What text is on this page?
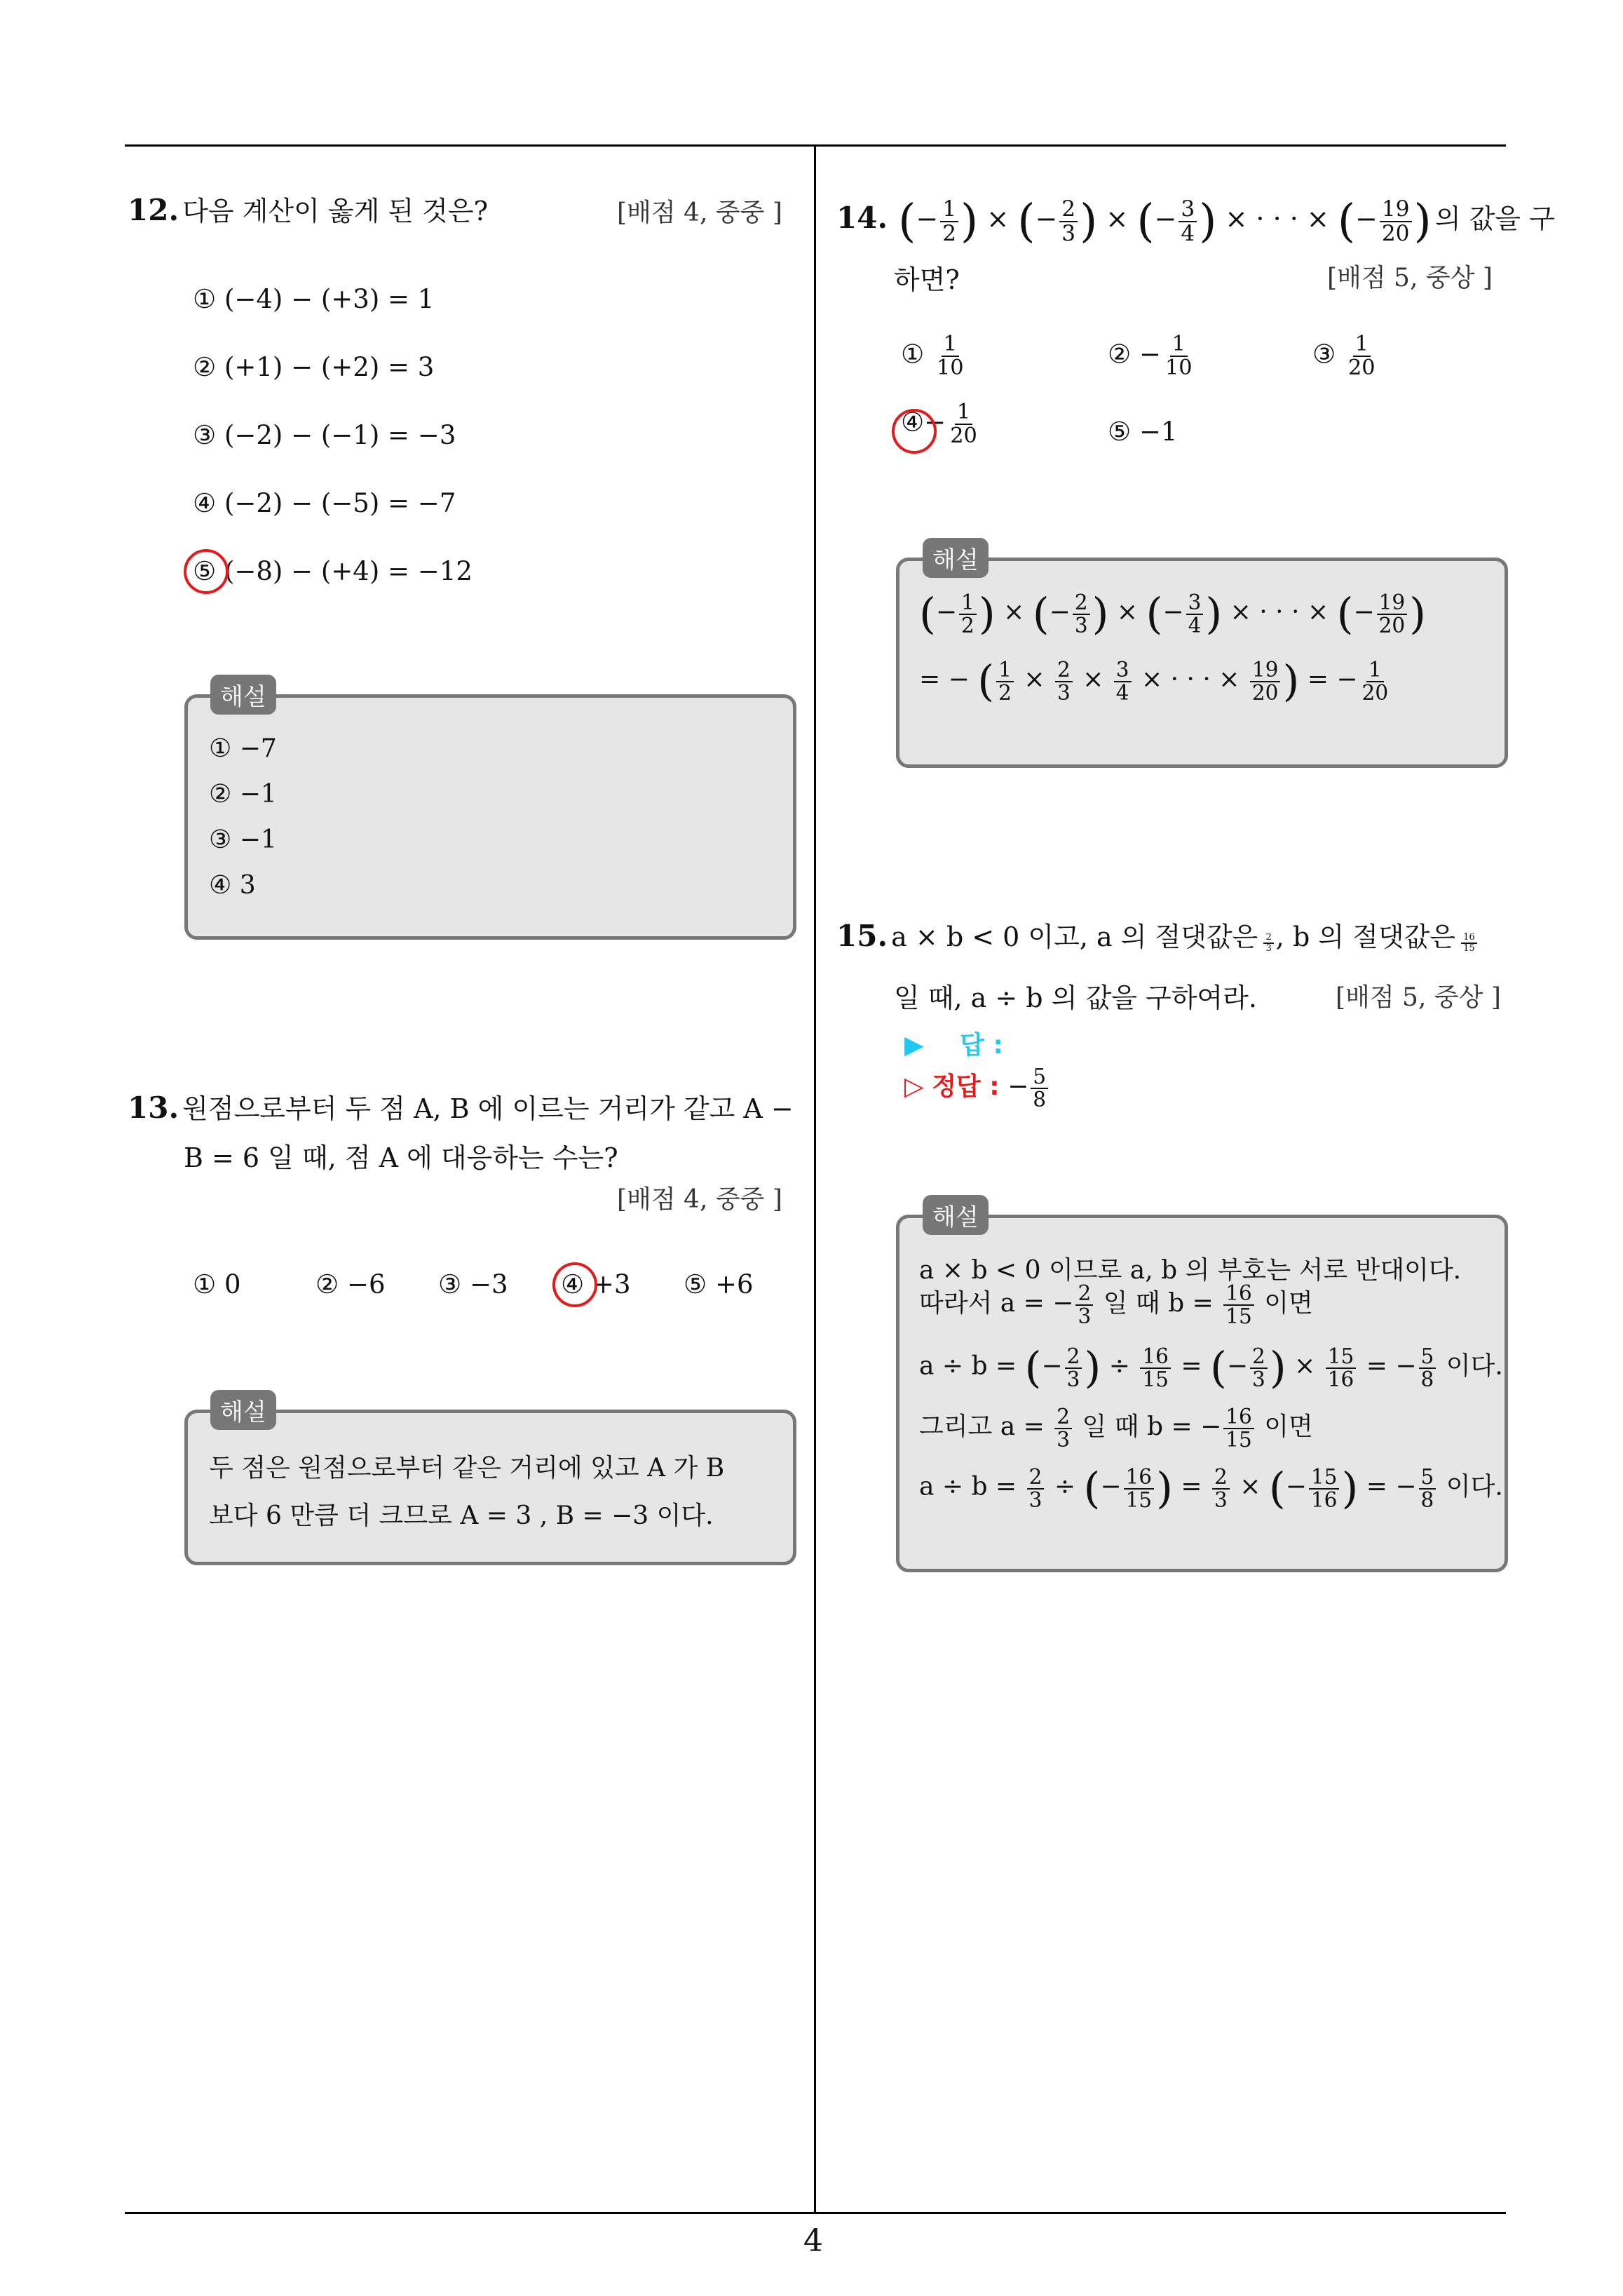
4
12. 다음 계산이 옳게 된 것은?	[배점 4, 중중 ]
① (−4) − (+3) = 1
② (+1) − (+2) = 3
③ (−2) − (−1) = −3
④ (−2) − (−5) = −7
⑤ (−8) − (+4) = −12
① −7
② −1
③ −1
④ 3
해설
13. 원점으로부터 두 점 A, B 에 이르는 거리가 같고 A −
B = 6 일 때, 점 A 에 대응하는 수는?
[배점 4, 중중 ]
① 0	② −6 ③ −3 ④ +3 ⑤ +6
두 점은 원점으로부터 같은 거리에 있고 A 가 B
보다 6 만큼 더 크므로 A = 3 , B = −3 이다.
해설
14. (− $\frac{1}{2}$ ) × (− $\frac{2}{3}$ ) × (− $\frac{3}{4}$ ) × · · · × (− $\frac{19}{20}$ ) 의 값을 구
하면?	[배점 5, 중상 ]
① $\frac{1}{10}$	② − $\frac{1}{10}$	③ $\frac{1}{20}$
④− $\frac{1}{20}$	⑤ −1
(− $\frac{1}{2}$ ) × (− $\frac{2}{3}$ ) × (− $\frac{3}{4}$ ) × · · · × (− $\frac{19}{20}$ )
= − ( $\frac{1}{2} \times \frac{2}{3} \times \frac{3}{4}$ × · · · × $\frac{19}{20}$ ) = − $\frac{1}{20}$
해설
15. a × b < 0 이고, a 의 절댓값은 $\frac{2}{3}$ , b 의 절댓값은 $\frac{16}{15}$
일 때, a ÷ b 의 값을 구하여라.	[배점 5, 중상 ]
▶ 답 :
▷ 정답 : − $\frac{5}{8}$
a × b < 0 이므로 a, b 의 부호는 서로 반대이다.
따라서 a = − $\frac{2}{3}$ 일 때 $b = \frac{16}{15}$ 이면
a ÷ b = (− $\frac{2}{3}$ ) ÷ $\frac{16}{15}$ = (− $\frac{2}{3}$ ) × $\frac{15}{16}$ = − $\frac{5}{8}$ 이다.
그리고 $a = \frac{2}{3}$ 일 때 b = − $\frac{16}{15}$ 이면
$a \div b = \frac{2}{3}$ ÷ (− $\frac{16}{15}$ ) = $\frac{2}{3}$ × (− $\frac{15}{16}$ ) = − $\frac{5}{8}$ 이다.
해설
